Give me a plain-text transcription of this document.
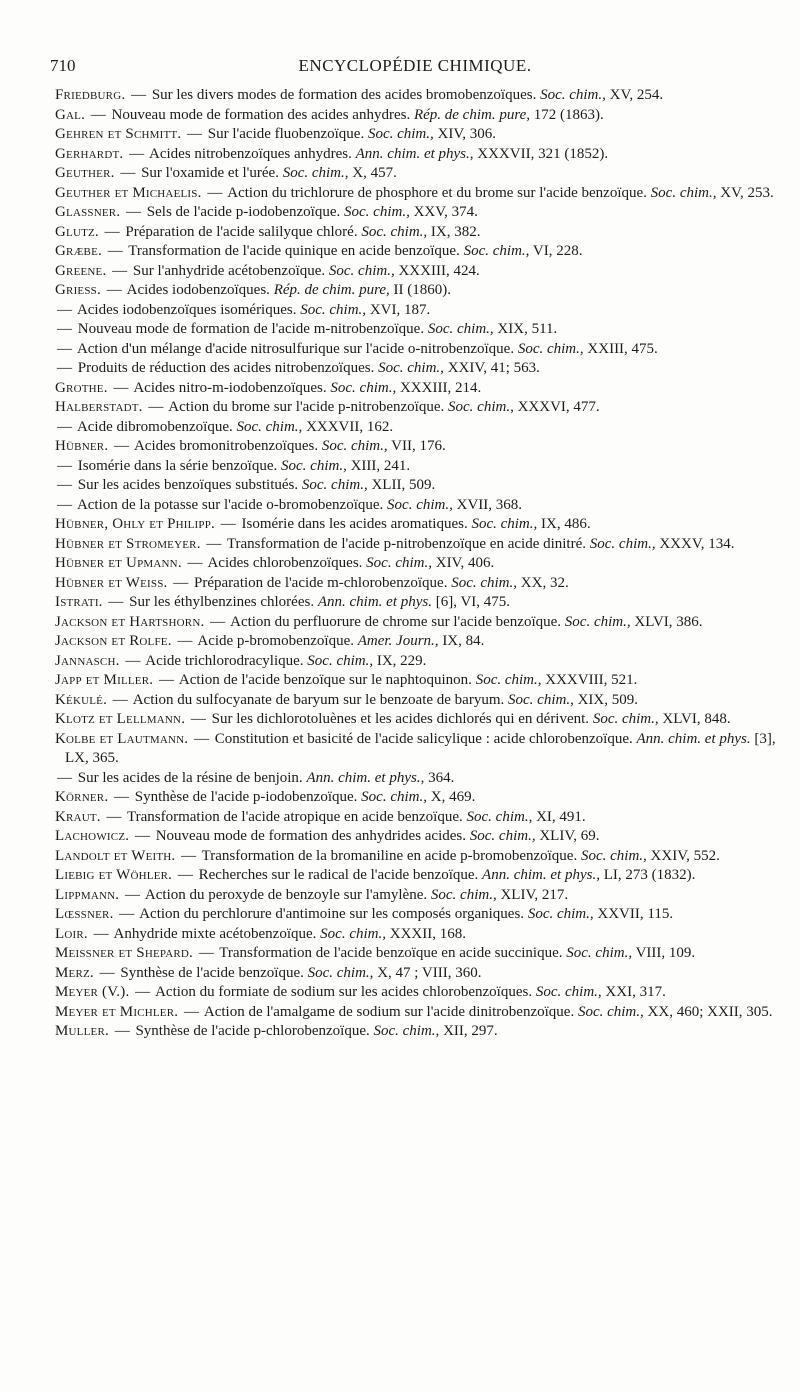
710	ENCYCLOPÉDIE CHIMIQUE.
Friedburg. — Sur les divers modes de formation des acides bromobenzoïques. Soc. chim., XV, 254.
Gal. — Nouveau mode de formation des acides anhydres. Rép. de chim. pure, 172 (1863).
Gehren et Schmitt. — Sur l'acide fluobenzoïque. Soc. chim., XIV, 306.
Gerhardt. — Acides nitrobenzoïques anhydres. Ann. chim. et phys., XXXVII, 321 (1852).
Geuther. — Sur l'oxamide et l'urée. Soc. chim., X, 457.
Geuther et Michaelis. — Action du trichlorure de phosphore et du brome sur l'acide benzoïque. Soc. chim., XV, 253.
Glassner. — Sels de l'acide p-iodobenzoïque. Soc. chim., XXV, 374.
Glutz. — Préparation de l'acide salilyque chloré. Soc. chim., IX, 382.
Græbe. — Transformation de l'acide quinique en acide benzoïque. Soc. chim., VI, 228.
Greene. — Sur l'anhydride acétobenzoïque. Soc. chim., XXXIII, 424.
Griess. — Acides iodobenzoïques. Rép. de chim. pure, II (1860).
— Acides iodobenzoïques isomériques. Soc. chim., XVI, 187.
— Nouveau mode de formation de l'acide m-nitrobenzoïque. Soc. chim., XIX, 511.
— Action d'un mélange d'acide nitrosulfurique sur l'acide o-nitrobenzoïque. Soc. chim., XXIII, 475.
— Produits de réduction des acides nitrobenzoïques. Soc. chim., XXIV, 41; 563.
Grothe. — Acides nitro-m-iodobenzoïques. Soc. chim., XXXIII, 214.
Halberstadt. — Action du brome sur l'acide p-nitrobenzoïque. Soc. chim., XXXVI, 477.
— Acide dibromobenzoïque. Soc. chim., XXXVII, 162.
Hübner. — Acides bromonitrobenzoïques. Soc. chim., VII, 176.
— Isomérie dans la série benzoïque. Soc. chim., XIII, 241.
— Sur les acides benzoïques substitués. Soc. chim., XLII, 509.
— Action de la potasse sur l'acide o-bromobenzoïque. Soc. chim., XVII, 368.
Hübner, Ohly et Philipp. — Isomérie dans les acides aromatiques. Soc. chim., IX, 486.
Hübner et Stromeyer. — Transformation de l'acide p-nitrobenzoïque en acide dinitré. Soc. chim., XXXV, 134.
Hübner et Upmann. — Acides chlorobenzoïques. Soc. chim., XIV, 406.
Hübner et Weiss. — Préparation de l'acide m-chlorobenzoïque. Soc. chim., XX, 32.
Istrati. — Sur les éthylbenzines chlorées. Ann. chim. et phys. [6], VI, 475.
Jackson et Hartshorn. — Action du perfluorure de chrome sur l'acide benzoïque. Soc. chim., XLVI, 386.
Jackson et Rolfe. — Acide p-bromobenzoïque. Amer. Journ., IX, 84.
Jannasch. — Acide trichlorodracylique. Soc. chim., IX, 229.
Japp et Miller. — Action de l'acide benzoïque sur le naphtoquinon. Soc. chim., XXXVIII, 521.
Kékulé. — Action du sulfocyanate de baryum sur le benzoate de baryum. Soc. chim., XIX, 509.
Klotz et Lellmann. — Sur les dichlorotoluènes et les acides dichlorés qui en dérivent. Soc. chim., XLVI, 848.
Kolbe et Lautmann. — Constitution et basicité de l'acide salicylique : acide chlorobenzoïque. Ann. chim. et phys. [3], LX, 365.
— Sur les acides de la résine de benjoin. Ann. chim. et phys., 364.
Körner. — Synthèse de l'acide p-iodobenzoïque. Soc. chim., X, 469.
Kraut. — Transformation de l'acide atropique en acide benzoïque. Soc. chim., XI, 491.
Lachowicz. — Nouveau mode de formation des anhydrides acides. Soc. chim., XLIV, 69.
Landolt et Weith. — Transformation de la bromaniline en acide p-bromobenzoïque. Soc. chim., XXIV, 552.
Liebig et Wöhler. — Recherches sur le radical de l'acide benzoïque. Ann. chim. et phys., LI, 273 (1832).
Lippmann. — Action du peroxyde de benzoyle sur l'amylène. Soc. chim., XLIV, 217.
Lœssner. — Action du perchlorure d'antimoine sur les composés organiques. Soc. chim., XXVII, 115.
Loir. — Anhydride mixte acétobenzoïque. Soc. chim., XXXII, 168.
Meissner et Shepard. — Transformation de l'acide benzoïque en acide succinique. Soc. chim., VIII, 109.
Merz. — Synthèse de l'acide benzoïque. Soc. chim., X, 47 ; VIII, 360.
Meyer (V.). — Action du formiate de sodium sur les acides chlorobenzoïques. Soc. chim., XXI, 317.
Meyer et Michler. — Action de l'amalgame de sodium sur l'acide dinitrobenzoïque. Soc. chim., XX, 460; XXII, 305.
Muller. — Synthèse de l'acide p-chlorobenzoïque. Soc. chim., XII, 297.
